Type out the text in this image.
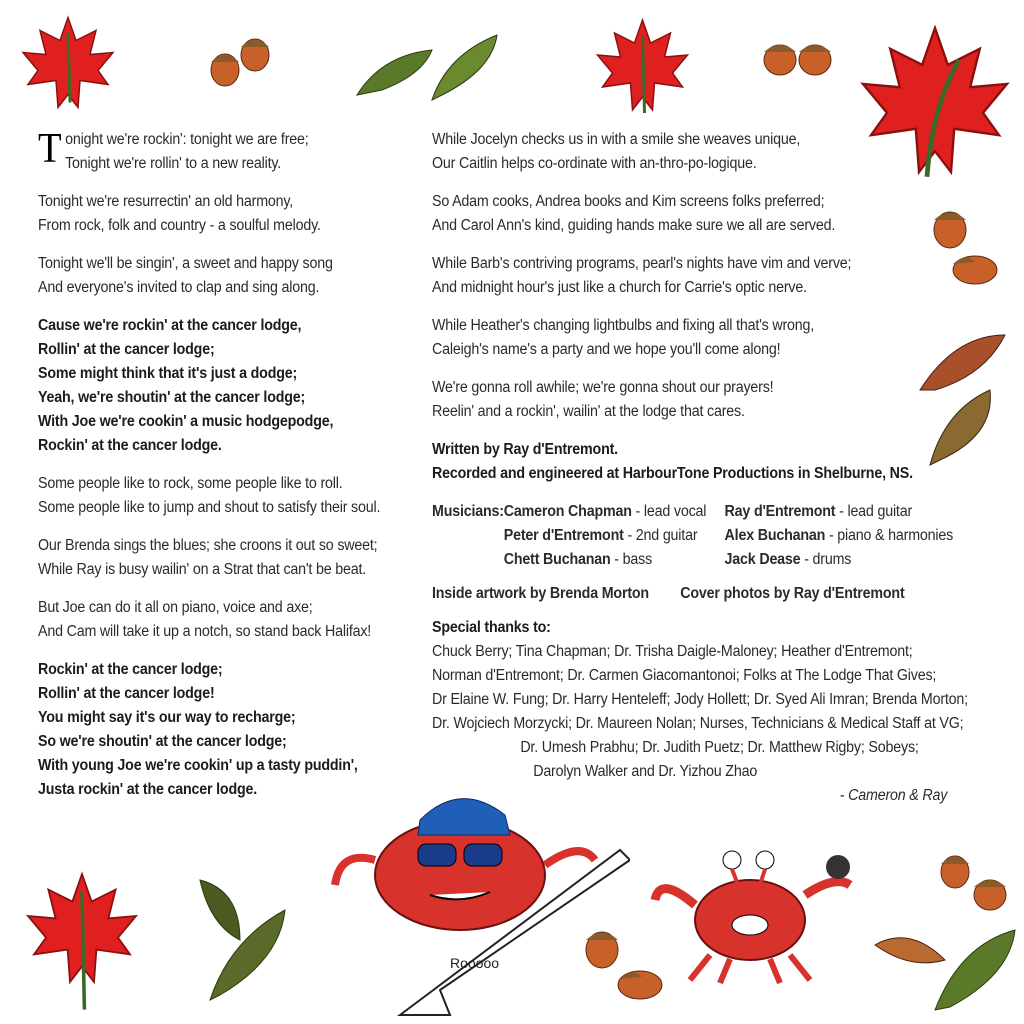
Rooooo
T onight we're rockin': tonight we are free;
Tonight we're rollin' to a new reality.
Tonight we're resurrectin' an old harmony,
From rock, folk and country - a soulful melody.
Tonight we'll be singin', a sweet and happy song
And everyone's invited to clap and sing along.
Cause we're rockin' at the cancer lodge,
Rollin' at the cancer lodge;
Some might think that it's just a dodge;
Yeah, we're shoutin' at the cancer lodge;
With Joe we're cookin' a music hodgepodge,
Rockin' at the cancer lodge.
Some people like to rock, some people like to roll.
Some people like to jump and shout to satisfy their soul.
Our Brenda sings the blues; she croons it out so sweet;
While Ray is busy wailin' on a Strat that can't be beat.
But Joe can do it all on piano, voice and axe;
And Cam will take it up a notch, so stand back Halifax!
Rockin' at the cancer lodge;
Rollin' at the cancer lodge!
You might say it's our way to recharge;
So we're shoutin' at the cancer lodge;
With young Joe we're cookin' up a tasty puddin',
Justa rockin' at the cancer lodge.
While Jocelyn checks us in with a smile she weaves unique,
Our Caitlin helps co-ordinate with an-thro-po-logique.
So Adam cooks, Andrea books and Kim screens folks preferred;
And Carol Ann's kind, guiding hands make sure we all are served.
While Barb's contriving programs, pearl's nights have vim and verve;
And midnight hour's just like a church for Carrie's optic nerve.
While Heather's changing lightbulbs and fixing all that's wrong,
Caleigh's name's a party and we hope you'll come along!
We're gonna roll awhile; we're gonna shout our prayers!
Reelin' and a rockin', wailin' at the lodge that cares.
Written by Ray d'Entremont.
Recorded and engineered at HarbourTone Productions in Shelburne, NS.
Musicians: Cameron Chapman - lead vocal	Ray d'Entremont - lead guitar
Peter d'Entremont - 2nd guitar	Alex Buchanan - piano & harmonies
Chett Buchanan - bass	Jack Dease - drums
Inside artwork by Brenda Morton Cover photos by Ray d'Entremont
Special thanks to:
Chuck Berry; Tina Chapman; Dr. Trisha Daigle-Maloney; Heather d'Entremont;
Norman d'Entremont; Dr. Carmen Giacomantonoi; Folks at The Lodge That Gives;
Dr Elaine W. Fung; Dr. Harry Henteleff; Jody Hollett; Dr. Syed Ali Imran; Brenda Morton;
Dr. Wojciech Morzycki; Dr. Maureen Nolan; Nurses, Technicians & Medical Staff at VG;
Dr. Umesh Prabhu; Dr. Judith Puetz; Dr. Matthew Rigby; Sobeys;
Darolyn Walker and Dr. Yizhou Zhao
- Cameron & Ray
